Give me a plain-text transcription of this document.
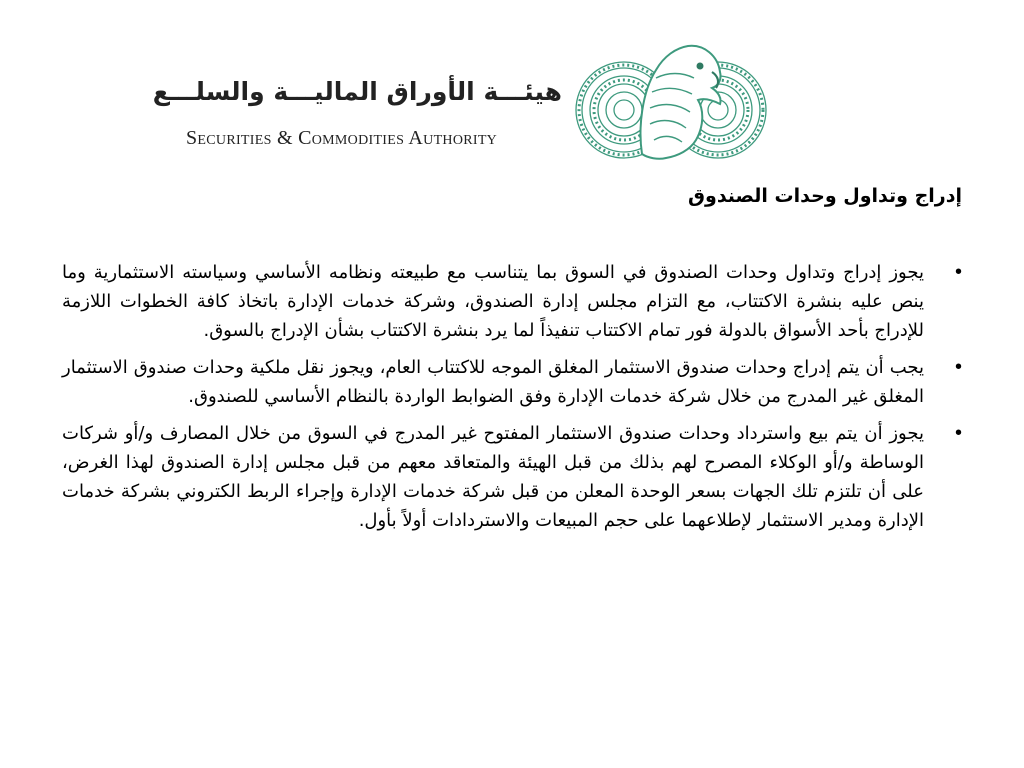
هيئـــة الأوراق الماليـــة والسلـــع
Securities & Commodities Authority
إدراج وتداول وحدات الصندوق
•
يجوز إدراج وتداول وحدات الصندوق في السوق بما يتناسب مع طبيعته ونظامه الأساسي وسياسته الاستثمارية وما ينص عليه بنشرة الاكتتاب، مع التزام مجلس إدارة الصندوق، وشركة خدمات الإدارة باتخاذ كافة الخطوات اللازمة للإدراج بأحد الأسواق بالدولة فور تمام الاكتتاب تنفيذاً لما يرد بنشرة الاكتتاب بشأن الإدراج بالسوق.
•
يجب أن يتم إدراج وحدات صندوق الاستثمار المغلق الموجه للاكتتاب العام، ويجوز نقل ملكية وحدات صندوق الاستثمار المغلق غير المدرج من خلال شركة خدمات الإدارة وفق الضوابط الواردة بالنظام الأساسي للصندوق.
•
يجوز أن يتم بيع واسترداد وحدات صندوق الاستثمار المفتوح غير المدرج في السوق من خلال المصارف و/أو شركات الوساطة و/أو الوكلاء المصرح لهم بذلك من قبل الهيئة والمتعاقد معهم من قبل مجلس إدارة الصندوق لهذا الغرض، على أن تلتزم تلك الجهات بسعر الوحدة المعلن من قبل شركة خدمات الإدارة وإجراء الربط الكتروني بشركة خدمات الإدارة ومدير الاستثمار لإطلاعهما على حجم المبيعات والاستردادات أولاً بأول.
